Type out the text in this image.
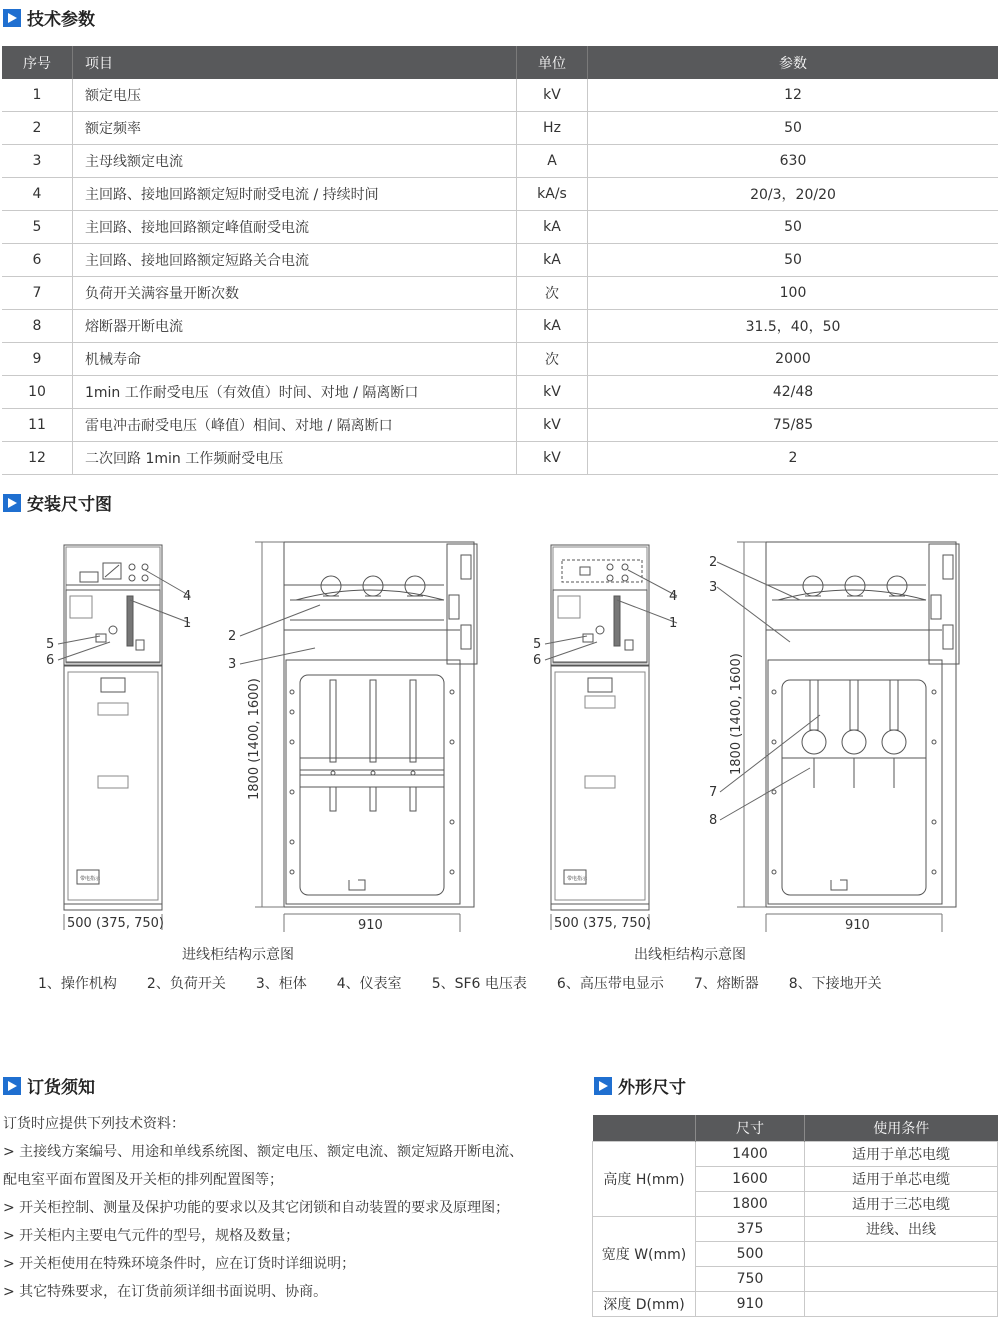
技术参数
序号	项目	单位	参数
1	额定电压	kV	12
2	额定频率	Hz	50
3	主母线额定电流	A	630
4	主回路、接地回路额定短时耐受电流 / 持续时间	kA/s	20/3，20/20
5	主回路、接地回路额定峰值耐受电流	kA	50
6	主回路、接地回路额定短路关合电流	kA	50
7	负荷开关满容量开断次数	次	100
8	熔断器开断电流	kA	31.5，40，50
9	机械寿命	次	2000
10	1min 工作耐受电压（有效值）时间、对地 / 隔离断口	kV	42/48
11	雷电冲击耐受电压（峰值）相间、对地 / 隔离断口	kV	75/85
12	二次回路 1min 工作频耐受电压	kV	2
安装尺寸图
4
1
5
6
2
3
4
1
5
6
2
3
7
8
500 (375, 750)	910	500 (375, 750)	910
1800 (1400, 1600)	1800 (1400, 1600)
带电指示	带电指示
进线柜结构示意图	出线柜结构示意图
1、操作机构 2、负荷开关 3、柜体 4、仪表室 5、SF6 电压表 6、高压带电显示 7、熔断器 8、下接地开关
订货须知

订货时应提供下列技术资料：

> 主接线方案编号、用途和单线系统图、额定电压、额定电流、额定短路开断电流、

配电室平面布置图及开关柜的排列配置图等；

> 开关柜控制、测量及保护功能的要求以及其它闭锁和自动装置的要求及原理图；

> 开关柜内主要电气元件的型号，规格及数量；

> 开关柜使用在特殊环境条件时，应在订货时详细说明；

> 其它特殊要求，在订货前须详细书面说明、协商。

外形尺寸
	尺寸	使用条件
高度 H(mm)	1400	适用于单芯电缆
	1600	适用于单芯电缆
	1800	适用于三芯电缆
宽度 W(mm)	375	进线、出线
	500	
	750	
深度 D(mm)	910	
